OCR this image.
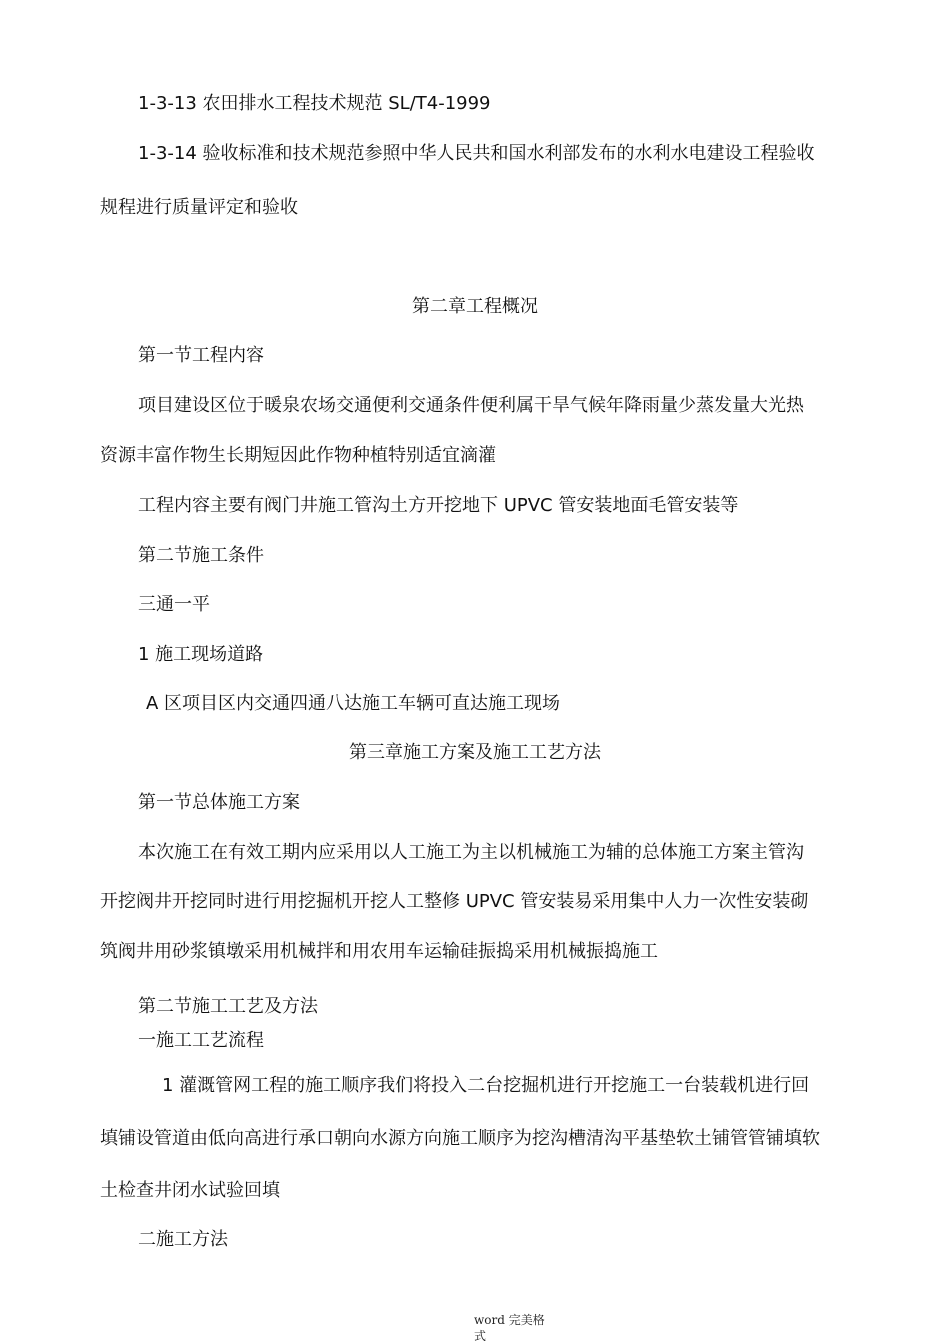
1-3-13 农田排水工程技术规范 SL/T4-1999
1-3-14 验收标准和技术规范参照中华人民共和国水利部发布的水利水电建设工程验收
规程进行质量评定和验收
第二章工程概况
第一节工程内容
项目建设区位于暖泉农场交通便利交通条件便利属干旱气候年降雨量少蒸发量大光热
资源丰富作物生长期短因此作物种植特别适宜滴灌
工程内容主要有阀门井施工管沟土方开挖地下 UPVC 管安装地面毛管安装等
第二节施工条件
三通一平
1 施工现场道路
A 区项目区内交通四通八达施工车辆可直达施工现场
第三章施工方案及施工工艺方法
第一节总体施工方案
本次施工在有效工期内应采用以人工施工为主以机械施工为辅的总体施工方案主管沟
开挖阀井开挖同时进行用挖掘机开挖人工整修 UPVC 管安装易采用集中人力一次性安装砌
筑阀井用砂浆镇墩采用机械拌和用农用车运输硅振捣采用机械振捣施工
第二节施工工艺及方法
一施工工艺流程
1 灌溉管网工程的施工顺序我们将投入二台挖掘机进行开挖施工一台装载机进行回
填铺设管道由低向高进行承口朝向水源方向施工顺序为挖沟槽清沟平基垫软土铺管管铺填软
土检查井闭水试验回填
二施工方法
word 完美格
式
